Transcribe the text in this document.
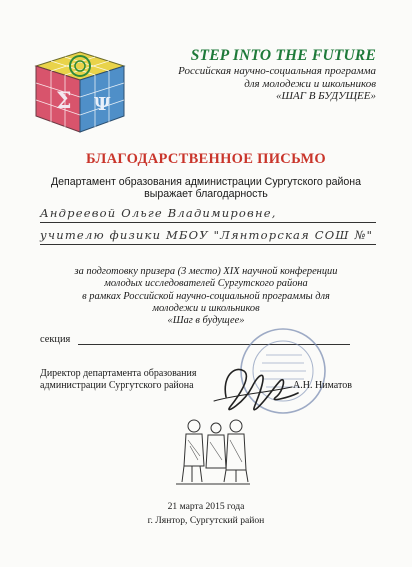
Σ Ψ
STEP INTO THE FUTURE
Российская научно-социальная программа
для молодежи и школьников
«ШАГ В БУДУЩЕЕ»
БЛАГОДАРСТВЕННОЕ ПИСЬМО
Департамент образования администрации Сургутского района
выражает благодарность
Андреевой Ольге Владимировне,
учителю физики МБОУ "Лянторская СОШ №"
за подготовку призера (3 место) XIX научной конференции
молодых исследователей Сургутского района
в рамках Российской научно-социальной программы для
молодежи и школьников
«Шаг в будущее»
секция
Директор департамента образования
администрации Сургутского района	А.Н. Ниматов
21 марта 2015 года
г. Лянтор, Сургутский район
